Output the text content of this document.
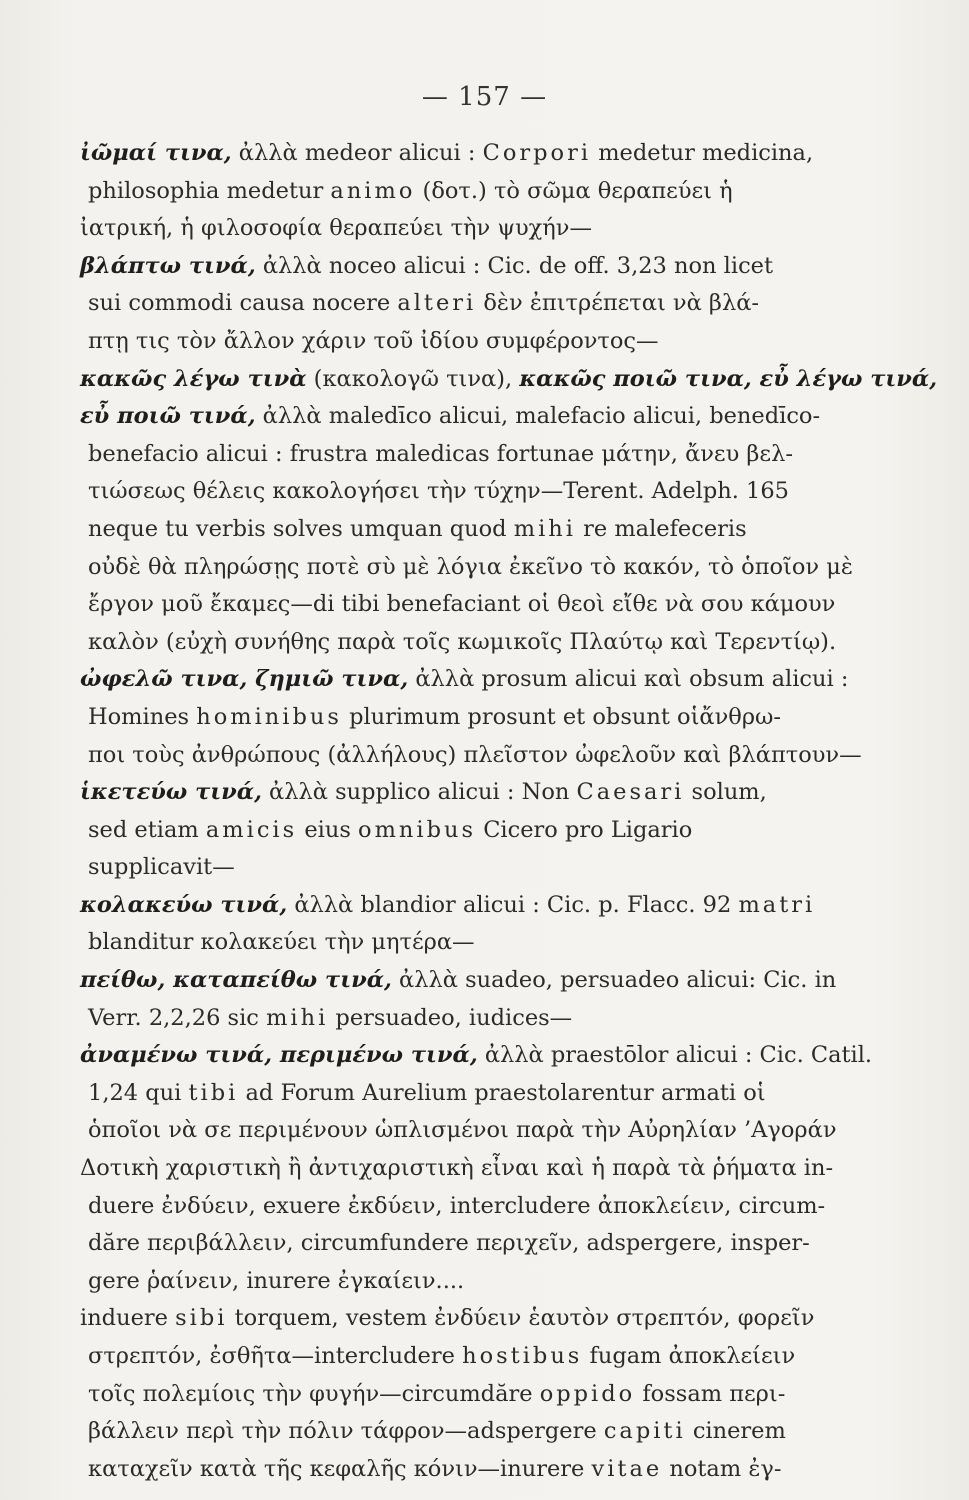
— 157 —
ἰῶμαί τινα, ἀλλὰ medeor alicui : Corpori medetur medicina,
philosophia medetur animo (δοτ.) τὸ σῶμα θεραπεύει ἡ
ἰατρική, ἡ φιλοσοφία θεραπεύει τὴν ψυχήν—
βλάπτω τινά, ἀλλὰ noceo alicui : Cic. de off. 3,23 non licet
sui commodi causa nocere alteri δὲν ἐπιτρέπεται νὰ βλά-
πτῃ τις τὸν ἄλλον χάριν τοῦ ἰδίου συμφέροντος—
κακῶς λέγω τινὰ (κακολογῶ τινα), κακῶς ποιῶ τινα, εὖ λέγω τινά,
εὖ ποιῶ τινά, ἀλλὰ maledīco alicui, malefacio alicui, benedīco-
benefacio alicui : frustra maledicas fortunae μάτην, ἄνευ βελ-
τιώσεως θέλεις κακολογήσει τὴν τύχην—Terent. Adelph. 165
neque tu verbis solves umquan quod mihi re malefeceris
οὐδὲ θὰ πληρώσῃς ποτὲ σὺ μὲ λόγια ἐκεῖνο τὸ κακόν, τὸ ὁποῖον μὲ
ἔργον μοῦ ἔκαμες—di tibi benefaciant οἱ θεοὶ εἴθε νὰ σου κάμουν
καλὸν (εὐχὴ συνήθης παρὰ τοῖς κωμικοῖς Πλαύτῳ καὶ Τερεντίῳ).
ὠφελῶ τινα, ζημιῶ τινα, ἀλλὰ prosum alicui καὶ obsum alicui :
Homines hominibus plurimum prosunt et obsunt οἱἄνθρω-
ποι τοὺς ἀνθρώπους (ἀλλήλους) πλεῖστον ὠφελοῦν καὶ βλάπτουν—
ἱκετεύω τινά, ἀλλὰ supplico alicui : Non Caesari solum,
sed etiam amicis eius omnibus Cicero pro Ligario
supplicavit—
κολακεύω τινά, ἀλλὰ blandior alicui : Cic. p. Flacc. 92 matri
blanditur κολακεύει τὴν μητέρα—
πείθω, καταπείθω τινά, ἀλλὰ suadeo, persuadeo alicui: Cic. in
Verr. 2,2,26 sic mihi persuadeo, iudices—
ἀναμένω τινά, περιμένω τινά, ἀλλὰ praestōlor alicui : Cic. Catil.
1,24 qui tibi ad Forum Aurelium praestolarentur armati οἱ
ὁποῖοι νὰ σε περιμένουν ὡπλισμένοι παρὰ τὴν Αὐρηλίαν ’Αγοράν
Δοτικὴ χαριστικὴ ἢ ἀντιχαριστικὴ εἶναι καὶ ἡ παρὰ τὰ ῥήματα in-
duere ἐνδύειν, exuere ἐκδύειν, intercludere ἀποκλείειν, circum-
dăre περιβάλλειν, circumfundere περιχεῖν, adspergere, insper-
gere ῥαίνειν, inurere ἐγκαίειν....
induere sibi torquem, vestem ἐνδύειν ἑαυτὸν στρεπτόν, φορεῖν
στρεπτόν, ἐσθῆτα—intercludere hostibus fugam ἀποκλείειν
τοῖς πολεμίοις τὴν φυγήν—circumdăre oppido fossam περι-
βάλλειν περὶ τὴν πόλιν τάφρον—adspergere capiti cinerem
καταχεῖν κατὰ τῆς κεφαλῆς κόνιν—inurere vitae notam ἐγ-
